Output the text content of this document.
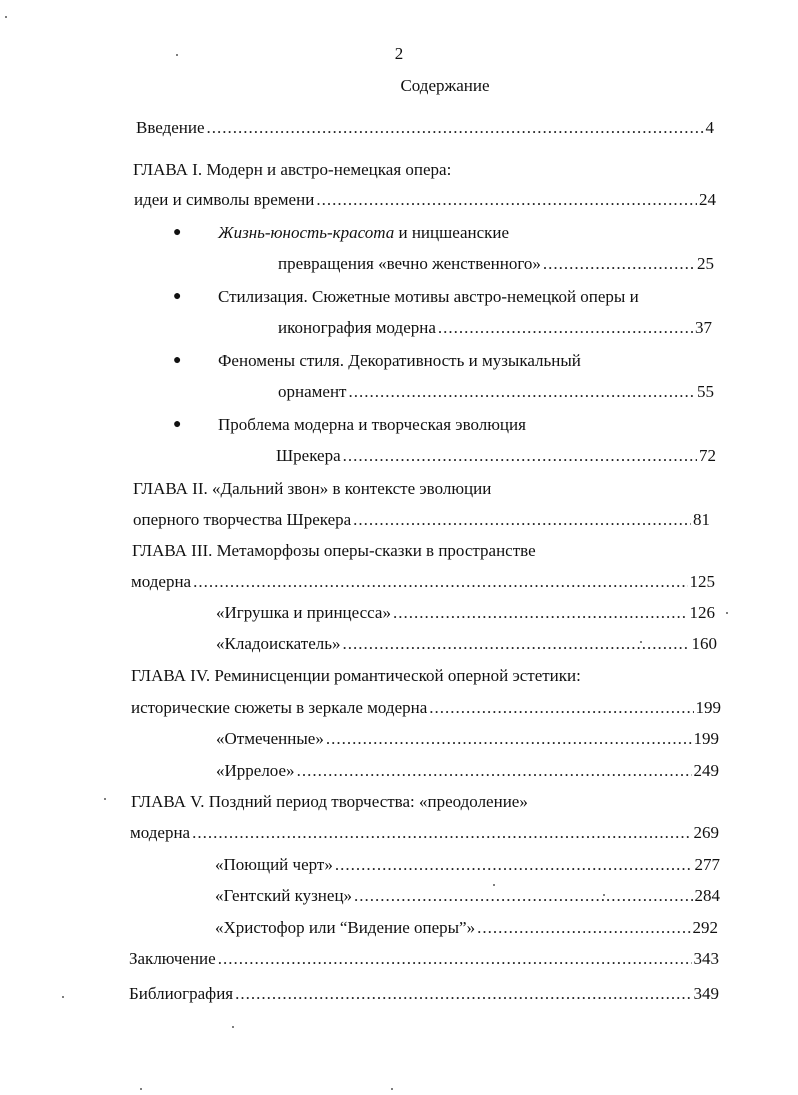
2
Содержание
Введение .....	4
ГЛАВА I. Модерн и австро-немецкая опера:
идеи и символы времени .....	24
● Жизнь-юность-красота и ницшеанские
превращения «вечно женственного» .....	25
● Стилизация. Сюжетные мотивы австро-немецкой оперы и
иконография модерна .....	37
● Феномены стиля. Декоративность и музыкальный
орнамент .....	55
● Проблема модерна и творческая эволюция
Шрекера .....	72
ГЛАВА II. «Дальний звон» в контексте эволюции
оперного творчества Шрекера .....	81
ГЛАВА III. Метаморфозы оперы-сказки в пространстве
модерна .....	125
«Игрушка и принцесса» .....	126
«Кладоискатель» .....	160
ГЛАВА IV. Реминисценции романтической оперной эстетики:
исторические сюжеты в зеркале модерна .....	199
«Отмеченные» .....	199
«Иррелое» .....	249
ГЛАВА V. Поздний период творчества: «преодоление»
модерна .....	269
«Поющий черт» .....	277
«Гентский кузнец» .....	284
«Христофор или “Видение оперы”» .....	292
Заключение .....	343
Библиография .....	349
